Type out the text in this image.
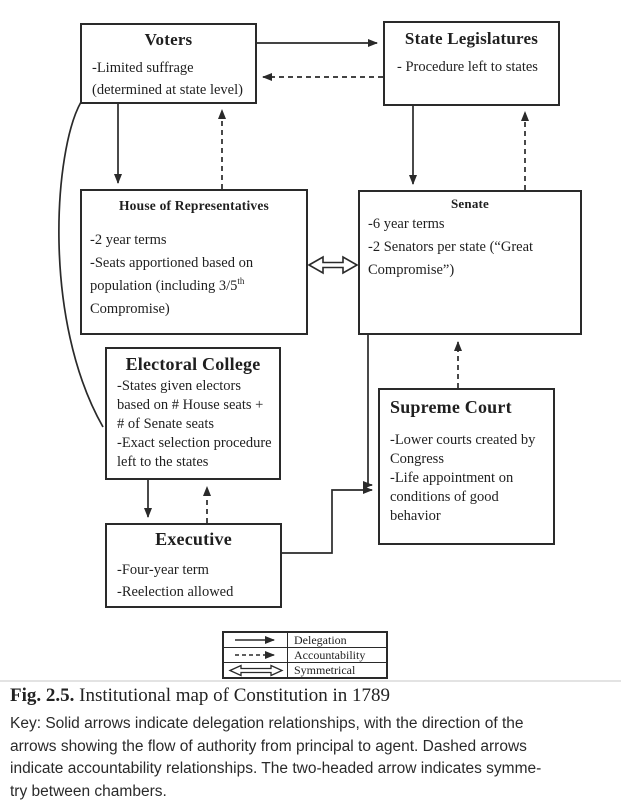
Voters
-Limited suffrage
(determined at state level)
State Legislatures
- Procedure left to states
House of Representatives
-2 year terms
-Seats apportioned based on
population (including 3/5th
Compromise)
Senate
-6 year terms
-2 Senators per state (“Great
Compromise”)
Electoral College
-States given electors
based on # House seats +
# of Senate seats
-Exact selection procedure
left to the states
Supreme Court
-Lower courts created by
Congress
-Life appointment on
conditions of good
behavior
Executive
-Four-year term
-Reelection allowed
Delegation
Accountability
Symmetrical
Fig. 2.5. Institutional map of Constitution in 1789
Key: Solid arrows indicate delegation relationships, with the direction of the
arrows showing the flow of authority from principal to agent. Dashed arrows
indicate accountability relationships. The two-headed arrow indicates symme-
try between chambers.
